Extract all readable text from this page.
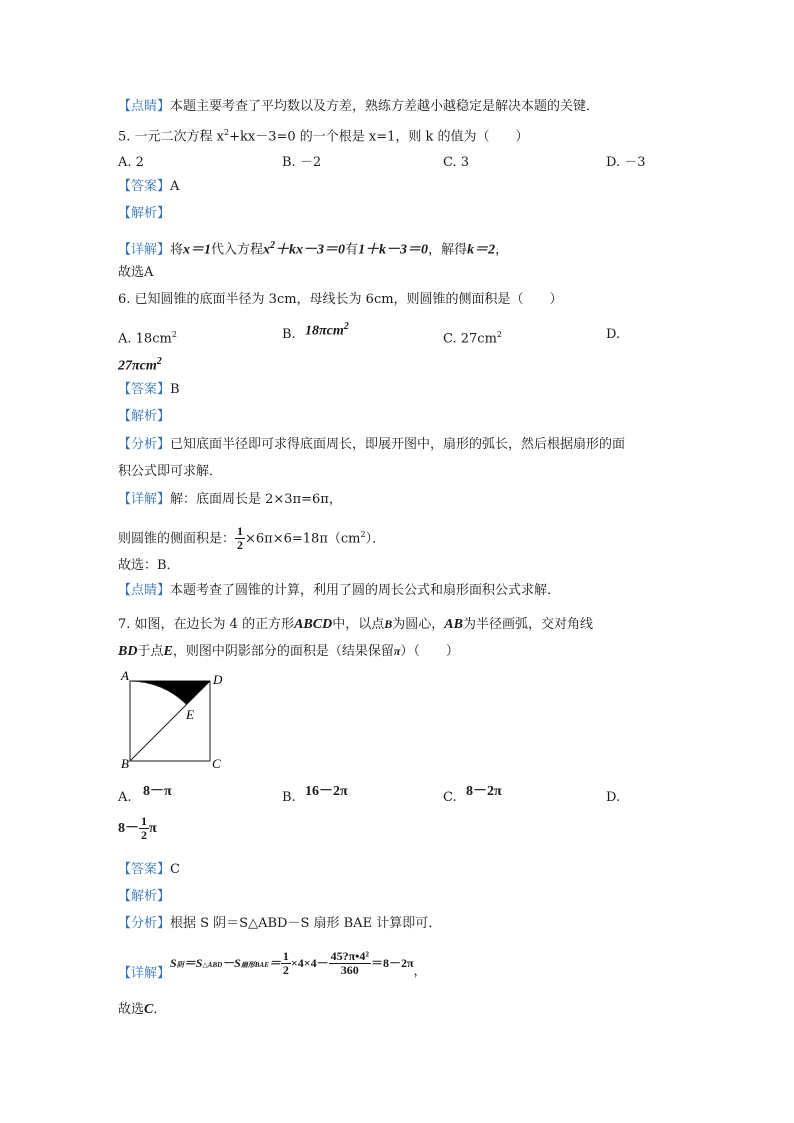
【点睛】本题主要考查了平均数以及方差，熟练方差越小越稳定是解决本题的关键．
5. 一元二次方程 $x^2+kx-3=0$ 的一个根是 x=1，则 k 的值为（　　）
A. 2	B. －2	C. 3	D. －3
【答案】A
【解析】
【详解】将x＝1代入方程$x^2+kx-3=0$有1＋k－3＝0，解得k＝2，
故选A
6. 已知圆锥的底面半径为 3cm，母线长为 6cm，则圆锥的侧面积是（　　）
A. $18cm^2$	B. 18πcm$^2$
C. $27cm^2$	D.
27πcm$^2$
【答案】B
【解析】
【分析】已知底面半径即可求得底面周长，即展开图中，扇形的弧长，然后根据扇形的面
积公式即可求解．
【详解】解：底面周长是 2×3π=6π，
则圆锥的侧面积是： $\frac{1}{2} \times 6\pi\times 6=18\pi(cm^2)$．
故选：B．
【点睛】本题考查了圆锥的计算，利用了圆的周长公式和扇形面积公式求解．
7. 如图，在边长为 4 的正方形ABCD中，以点B为圆心，AB为半径画弧，交对角线
BD于点E，则图中阴影部分的面积是（结果保留π）（　　）
A	D
B	C
E
A. 8－π	B. 16－2π	C. 8－2π	D.
$8- \frac{1}{2}$ π
【答案】C
【解析】
【分析】根据 S 阴＝S△ABD－S 扇形 BAE 计算即可．
【详解】S阴＝S△ABD－S扇形$BAE= \frac{1}{2} \times 4\times 4- \frac{\text{45?π•4²}}{360} =8-2\pi$，
故选C．
